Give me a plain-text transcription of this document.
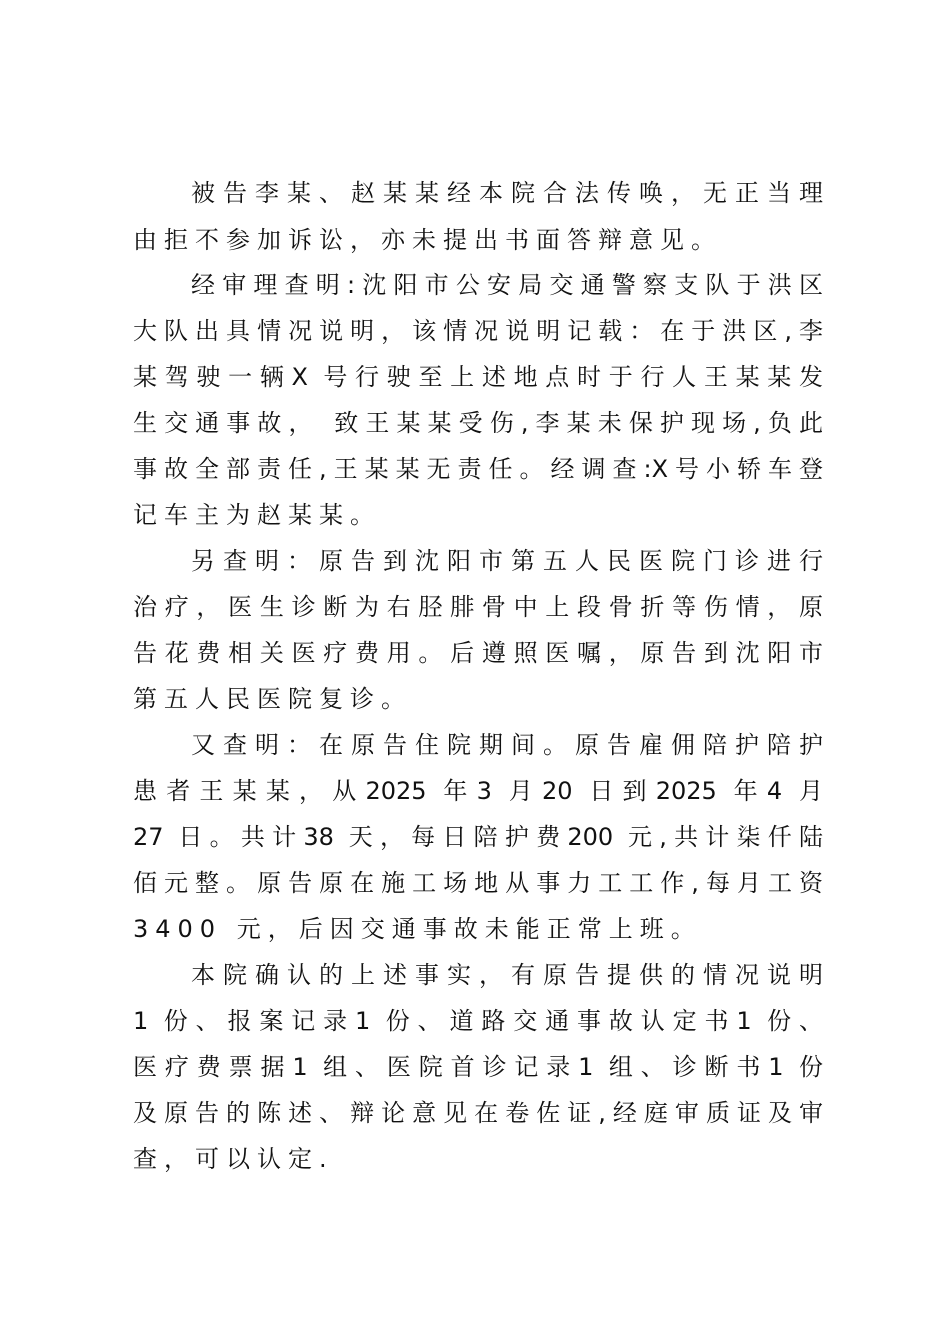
被告李某、赵某某经本院合法传唤，无正当理
由拒不参加诉讼，亦未提出书面答辩意见。
经审理查明:沈阳市公安局交通警察支队于洪区
大队出具情况说明，该情况说明记载：在于洪区,李
某驾驶一辆X 号行驶至上述地点时于行人王某某发
生交通事故， 致王某某受伤,李某未保护现场,负此
事故全部责任,王某某无责任。经调查:X号小轿车登
记车主为赵某某。
另查明：原告到沈阳市第五人民医院门诊进行
治疗，医生诊断为右胫腓骨中上段骨折等伤情，原
告花费相关医疗费用。后遵照医嘱，原告到沈阳市
第五人民医院复诊。
又查明：在原告住院期间。原告雇佣陪护陪护
患者王某某，从2025 年3 月20 日到2025 年4 月
27 日。共计38 天，每日陪护费200 元,共计柒仟陆
佰元整。原告原在施工场地从事力工工作,每月工资
3400 元，后因交通事故未能正常上班。
本院确认的上述事实，有原告提供的情况说明
1 份、报案记录1 份、道路交通事故认定书1 份、
医疗费票据1 组、医院首诊记录1 组、诊断书1 份
及原告的陈述、辩论意见在卷佐证,经庭审质证及审
查，可以认定.
